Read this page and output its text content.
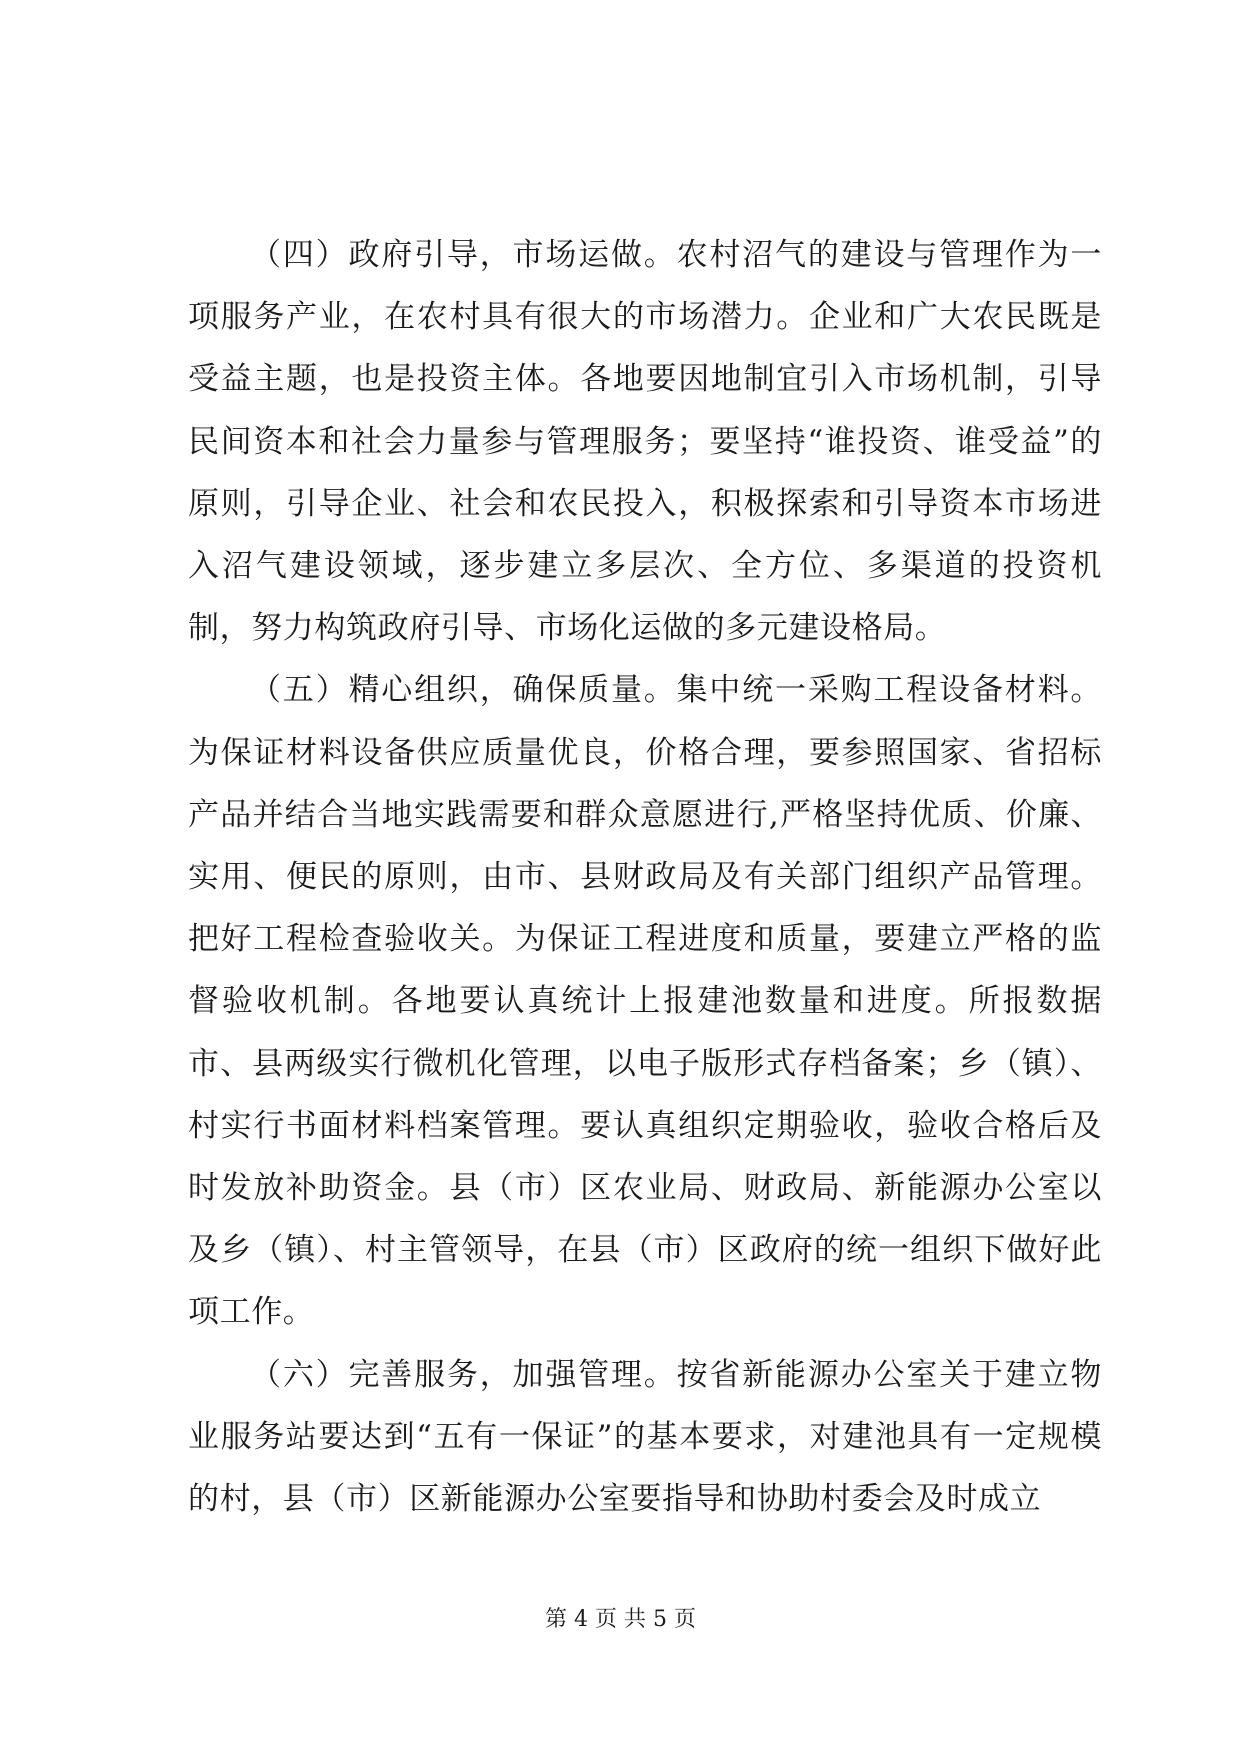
（四）政府引导，市场运做。农村沼气的建设与管理作为一项服务产业，在农村具有很大的市场潜力。企业和广大农民既是受益主题，也是投资主体。各地要因地制宜引入市场机制，引导民间资本和社会力量参与管理服务；要坚持“谁投资、谁受益”的原则，引导企业、社会和农民投入，积极探索和引导资本市场进入沼气建设领域，逐步建立多层次、全方位、多渠道的投资机制，努力构筑政府引导、市场化运做的多元建设格局。

（五）精心组织，确保质量。集中统一采购工程设备材料。为保证材料设备供应质量优良，价格合理，要参照国家、省招标产品并结合当地实践需要和群众意愿进行,严格坚持优质、价廉、实用、便民的原则，由市、县财政局及有关部门组织产品管理。把好工程检查验收关。为保证工程进度和质量，要建立严格的监督验收机制。各地要认真统计上报建池数量和进度。所报数据市、县两级实行微机化管理，以电子版形式存档备案；乡（镇）、村实行书面材料档案管理。要认真组织定期验收，验收合格后及时发放补助资金。县（市）区农业局、财政局、新能源办公室以及乡（镇）、村主管领导，在县（市）区政府的统一组织下做好此项工作。

（六）完善服务，加强管理。按省新能源办公室关于建立物业服务站要达到“五有一保证”的基本要求，对建池具有一定规模的村，县（市）区新能源办公室要指导和协助村委会及时成立

第 4 页 共 5 页
